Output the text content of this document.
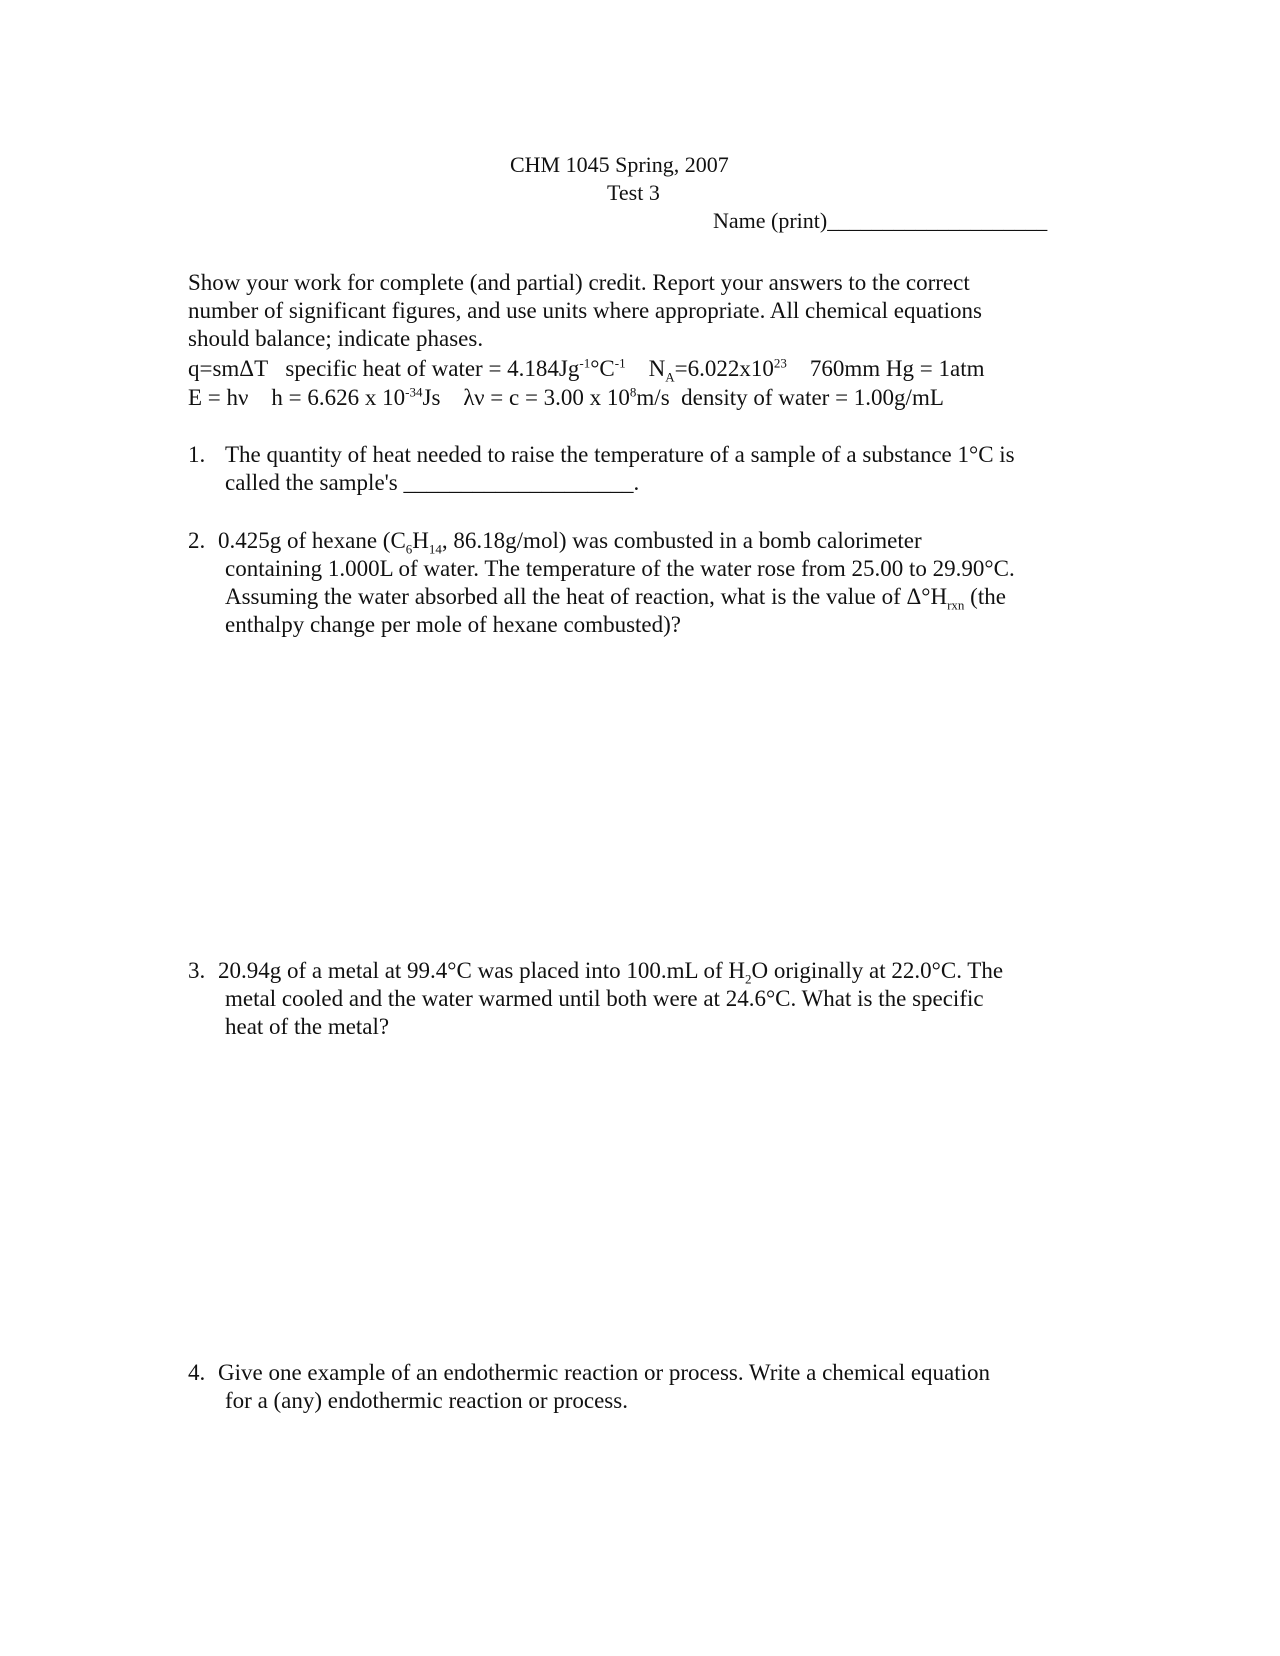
CHM 1045 Spring, 2007
Test 3
Name (print)____________________
Show your work for complete (and partial) credit. Report your answers to the correct
number of significant figures, and use units where appropriate. All chemical equations
should balance; indicate phases.
q=smΔT specific heat of water = $4.184Jg^{-1}^\circ C^{-1}$ $N_A=6.022x10^{23}$ 760mm Hg = 1atm
E = hν h = 6.626 x $10^{-34}Js$ λν = c = 3.00 x $10^8m/s$ density of water = 1.00g/mL
1. The quantity of heat needed to raise the temperature of a sample of a substance 1°C is
called the sample's ____________________.
2. 0.425g of hexane ($C_6H_{14}$, 86.18g/mol) was combusted in a bomb calorimeter
containing 1.000L of water. The temperature of the water rose from 25.00 to 29.90°C.
Assuming the water absorbed all the heat of reaction, what is the value of $\Delta^\circ H_{rxn}$ (the
enthalpy change per mole of hexane combusted)?
3. 20.94g of a metal at 99.4°C was placed into 100.mL of $H_2O$ originally at 22.0°C. The
metal cooled and the water warmed until both were at 24.6°C. What is the specific
heat of the metal?
4. Give one example of an endothermic reaction or process. Write a chemical equation
for a (any) endothermic reaction or process.
